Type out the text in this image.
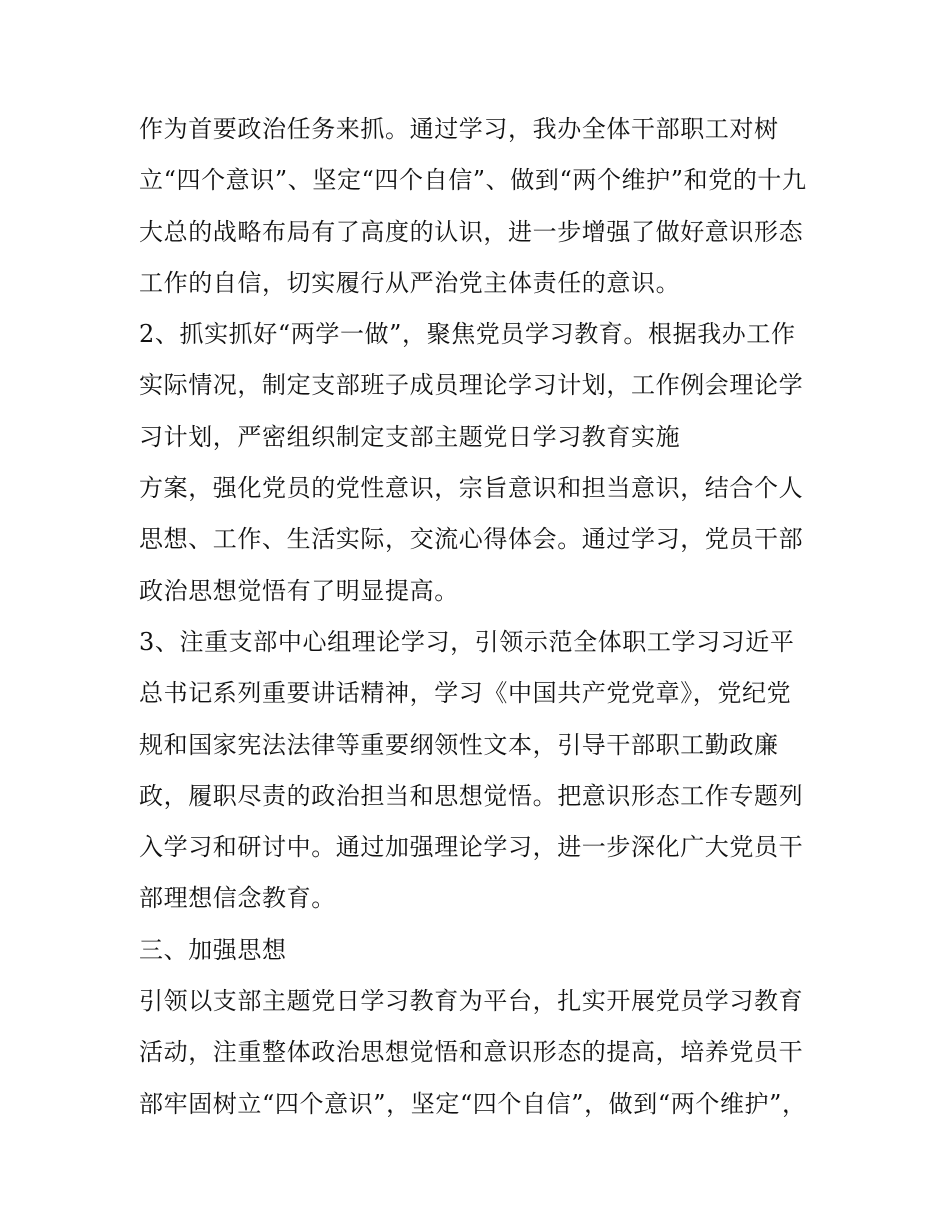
作为首要政治任务来抓。通过学习，我办全体干部职工对树
立“四个意识”、坚定“四个自信”、做到“两个维护”和党的十九
大总的战略布局有了高度的认识，进一步增强了做好意识形态
工作的自信，切实履行从严治党主体责任的意识。
2、抓实抓好“两学一做”，聚焦党员学习教育。根据我办工作
实际情况，制定支部班子成员理论学习计划，工作例会理论学
习计划，严密组织制定支部主题党日学习教育实施
方案，强化党员的党性意识，宗旨意识和担当意识，结合个人
思想、工作、生活实际，交流心得体会。通过学习，党员干部
政治思想觉悟有了明显提高。
3、注重支部中心组理论学习，引领示范全体职工学习习近平
总书记系列重要讲话精神，学习《中国共产党党章》，党纪党
规和国家宪法法律等重要纲领性文本，引导干部职工勤政廉
政，履职尽责的政治担当和思想觉悟。把意识形态工作专题列
入学习和研讨中。通过加强理论学习，进一步深化广大党员干
部理想信念教育。
三、加强思想
引领以支部主题党日学习教育为平台，扎实开展党员学习教育
活动，注重整体政治思想觉悟和意识形态的提高，培养党员干
部牢固树立“四个意识”，坚定“四个自信”，做到“两个维护”，
